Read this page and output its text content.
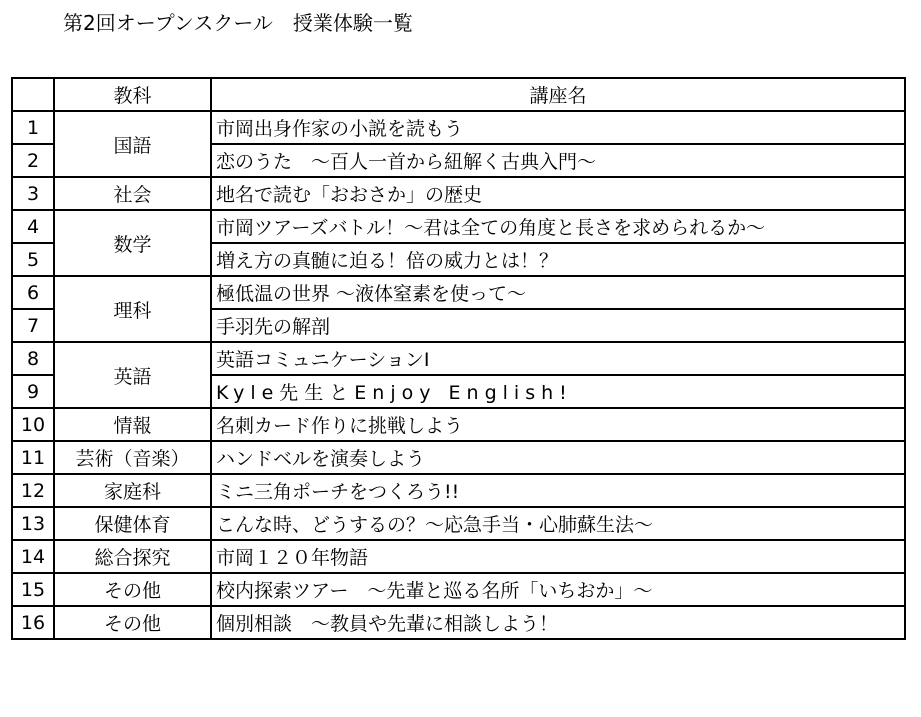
第2回オープンスクール　授業体験一覧
	教科	講座名
1	国語	市岡出身作家の小説を読もう
2		恋のうた　～百人一首から紐解く古典入門～
3	社会	地名で読む「おおさか」の歴史
4	数学	市岡ツアーズバトル！～君は全ての角度と長さを求められるか～
5		増え方の真髄に迫る！倍の威力とは！？
6	理科	極低温の世界 ～液体窒素を使って～
7		手羽先の解剖
8	英語	英語コミュニケーションⅠ
9		Kyle先生とEnjoy English!
10	情報	名刺カード作りに挑戦しよう
11	芸術（音楽）	ハンドベルを演奏しよう
12	家庭科	ミニ三角ポーチをつくろう!!
13	保健体育	こんな時、どうするの？～応急手当・心肺蘇生法～
14	総合探究	市岡１２０年物語
15	その他	校内探索ツアー　～先輩と巡る名所「いちおか」～
16	その他	個別相談　～教員や先輩に相談しよう！
